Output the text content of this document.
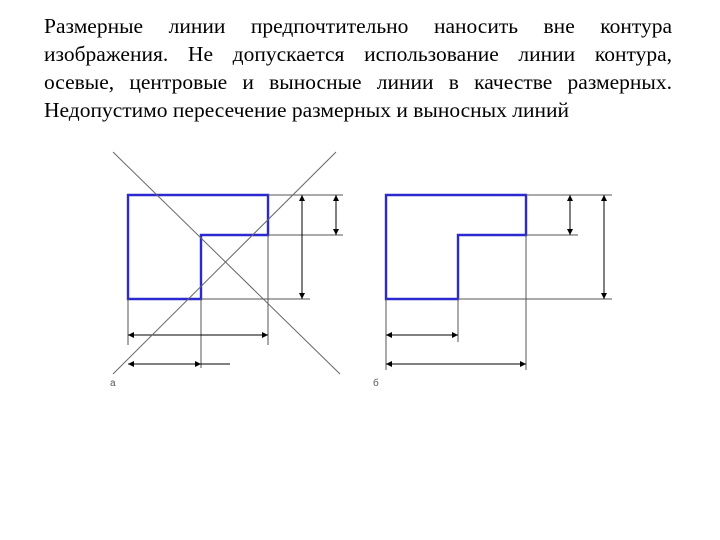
Размерные линии предпочтительно наносить вне контура
изображения. Не допускается использование линии контура,
осевые, центровые и выносные линии в качестве размерных.
Недопустимо пересечение размерных и выносных линий
а	б
